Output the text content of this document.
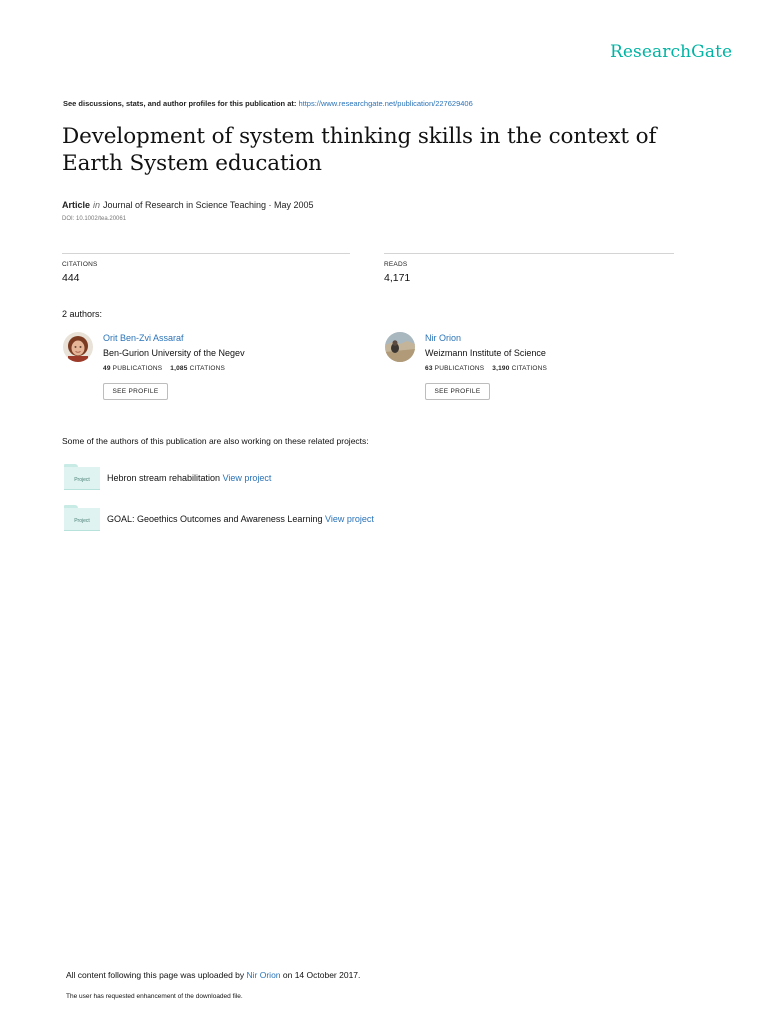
ResearchGate
See discussions, stats, and author profiles for this publication at: https://www.researchgate.net/publication/227629406
Development of system thinking skills in the context of Earth System education
Article in Journal of Research in Science Teaching · May 2005
DOI: 10.1002/tea.20061
CITATIONS
444
READS
4,171
2 authors:
Orit Ben-Zvi Assaraf
Ben-Gurion University of the Negev
49 PUBLICATIONS 1,085 CITATIONS
SEE PROFILE
Nir Orion
Weizmann Institute of Science
63 PUBLICATIONS 3,190 CITATIONS
SEE PROFILE
Some of the authors of this publication are also working on these related projects:
Project	Hebron stream rehabilitation View project
Project	GOAL: Geoethics Outcomes and Awareness Learning View project
All content following this page was uploaded by Nir Orion on 14 October 2017.
The user has requested enhancement of the downloaded file.
